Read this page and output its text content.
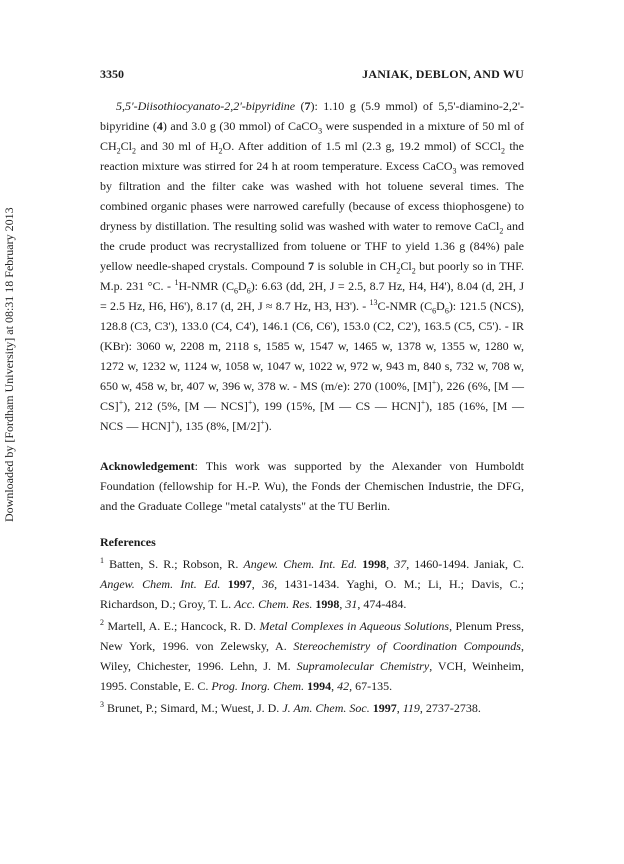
Downloaded by [Fordham University] at 08:31 18 February 2013
3350	JANIAK, DEBLON, AND WU

5,5'-Diisothiocyanato-2,2'-bipyridine (7): 1.10 g (5.9 mmol) of 5,5'-diamino-2,2'-bipyridine (4) and 3.0 g (30 mmol) of CaCO$_3$ were suspended in a mixture of 50 ml of $CH_2Cl_2$ and 30 ml of $H_2O$. After addition of 1.5 ml (2.3 g, 19.2 mmol) of SCCl$_2$ the reaction mixture was stirred for 24 h at room temperature. Excess CaCO$_3$ was removed by filtration and the filter cake was washed with hot toluene several times. The combined organic phases were narrowed carefully (because of excess thiophosgene) to dryness by distillation. The resulting solid was washed with water to remove CaCl$_2$ and the crude product was recrystallized from toluene or THF to yield 1.36 g (84%) pale yellow needle-shaped crystals. Compound 7 is soluble in $CH_2Cl_2$ but poorly so in THF. M.p. 231 °C. - $^1$H-NMR $(C_6D_6)$: 6.63 (dd, 2H, J = 2.5, 8.7 Hz, H4, H4'), 8.04 (d, 2H, J = 2.5 Hz, H6, H6'), 8.17 (d, 2H, J ≈ 8.7 Hz, H3, H3'). - $^{13}$C-NMR $(C_6D_6)$: 121.5 (NCS), 128.8 (C3, C3'), 133.0 (C4, C4'), 146.1 (C6, C6'), 153.0 (C2, C2'), 163.5 (C5, C5'). - IR (KBr): 3060 w, 2208 m, 2118 s, 1585 w, 1547 w, 1465 w, 1378 w, 1355 w, 1280 w, 1272 w, 1232 w, 1124 w, 1058 w, 1047 w, 1022 w, 972 w, 943 m, 840 s, 732 w, 708 w, 650 w, 458 w, br, 407 w, 396 w, 378 w. - MS (m/e): 270 (100%, [M]+), 226 (6%, [M — CS]+), 212 (5%, [M — NCS]+), 199 (15%, [M — CS — HCN]+), 185 (16%, [M — NCS — HCN]+), 135 (8%, [M/2]+).

Acknowledgement: This work was supported by the Alexander von Humboldt Foundation (fellowship for H.-P. Wu), the Fonds der Chemischen Industrie, the DFG, and the Graduate College "metal catalysts" at the TU Berlin.

References

$^1$ Batten, S. R.; Robson, R. Angew. Chem. Int. Ed. 1998, 37, 1460-1494. Janiak, C. Angew. Chem. Int. Ed. 1997, 36, 1431-1434. Yaghi, O. M.; Li, H.; Davis, C.; Richardson, D.; Groy, T. L. Acc. Chem. Res. 1998, 31, 474-484.

$^2$ Martell, A. E.; Hancock, R. D. Metal Complexes in Aqueous Solutions, Plenum Press, New York, 1996. von Zelewsky, A. Stereochemistry of Coordination Compounds, Wiley, Chichester, 1996. Lehn, J. M. Supramolecular Chemistry, VCH, Weinheim, 1995. Constable, E. C. Prog. Inorg. Chem. 1994, 42, 67-135.

$^3$ Brunet, P.; Simard, M.; Wuest, J. D. J. Am. Chem. Soc. 1997, 119, 2737-2738.
